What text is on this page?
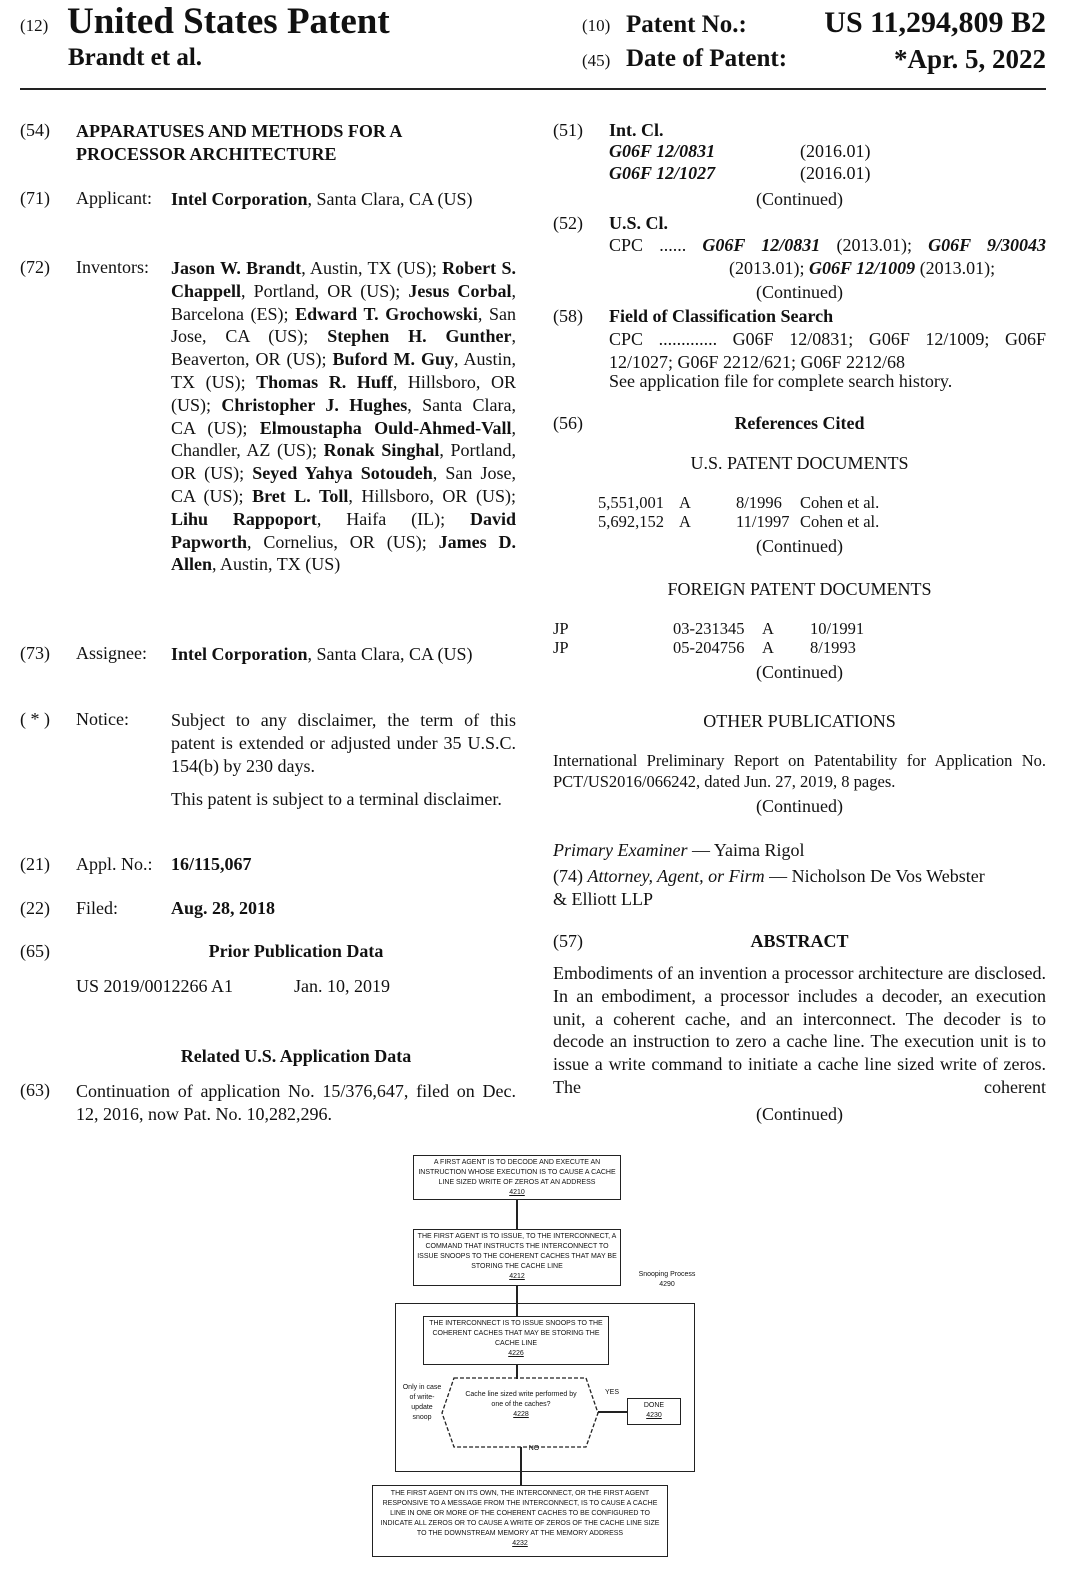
(12) United States Patent
Brandt et al.
(10) Patent No.:	US 11,294,809 B2
(45) Date of Patent:	*Apr. 5, 2022
(54) APPARATUSES AND METHODS FOR A PROCESSOR ARCHITECTURE
(71) Applicant: Intel Corporation, Santa Clara, CA (US)
(72) Inventors: Jason W. Brandt, Austin, TX (US); Robert S. Chappell, Portland, OR (US); Jesus Corbal, Barcelona (ES); Edward T. Grochowski, San Jose, CA (US); Stephen H. Gunther, Beaverton, OR (US); Buford M. Guy, Austin, TX (US); Thomas R. Huff, Hillsboro, OR (US); Christopher J. Hughes, Santa Clara, CA (US); Elmoustapha Ould-Ahmed-Vall, Chandler, AZ (US); Ronak Singhal, Portland, OR (US); Seyed Yahya Sotoudeh, San Jose, CA (US); Bret L. Toll, Hillsboro, OR (US); Lihu Rappoport, Haifa (IL); David Papworth, Cornelius, OR (US); James D. Allen, Austin, TX (US)
(73) Assignee: Intel Corporation, Santa Clara, CA (US)
( * ) Notice: Subject to any disclaimer, the term of this patent is extended or adjusted under 35 U.S.C. 154(b) by 230 days.
This patent is subject to a terminal disclaimer.
(21) Appl. No.: 16/115,067
(22) Filed:	Aug. 28, 2018
(65)	Prior Publication Data
US 2019/0012266 A1	Jan. 10, 2019
Related U.S. Application Data
(63) Continuation of application No. 15/376,647, filed on Dec. 12, 2016, now Pat. No. 10,282,296.
(51) Int. Cl.
G06F 12/0831	(2016.01)
G06F 12/1027	(2016.01)
(Continued)
(52) U.S. Cl.
CPC ...... G06F 12/0831 (2013.01); G06F 9/30043 (2013.01); G06F 12/1009 (2013.01);
(Continued)
(58) Field of Classification Search
CPC ............. G06F 12/0831; G06F 12/1009; G06F 12/1027; G06F 2212/621; G06F 2212/68
See application file for complete search history.
(56)	References Cited
U.S. PATENT DOCUMENTS
5,551,001 A	8/1996 Cohen et al.
5,692,152 A	11/1997 Cohen et al.
(Continued)
FOREIGN PATENT DOCUMENTS
JP	03-231345 A 10/1991
JP	05-204756 A 8/1993
(Continued)
OTHER PUBLICATIONS
International Preliminary Report on Patentability for Application No. PCT/US2016/066242, dated Jun. 27, 2019, 8 pages.
(Continued)
Primary Examiner — Yaima Rigol
(74) Attorney, Agent, or Firm — Nicholson De Vos Webster & Elliott LLP
(57)	ABSTRACT
Embodiments of an invention a processor architecture are disclosed. In an embodiment, a processor includes a decoder, an execution unit, a coherent cache, and an interconnect. The decoder is to decode an instruction to zero a cache line. The execution unit is to issue a write command to initiate a cache line sized write of zeros. The coherent
(Continued)
A FIRST AGENT IS TO DECODE AND EXECUTE AN INSTRUCTION WHOSE EXECUTION IS TO CAUSE A CACHE LINE SIZED WRITE OF ZEROS AT AN ADDRESS
4210
THE FIRST AGENT IS TO ISSUE, TO THE INTERCONNECT, A COMMAND THAT INSTRUCTS THE INTERCONNECT TO ISSUE SNOOPS TO THE COHERENT CACHES THAT MAY BE STORING THE CACHE LINE
4212	Snooping Process 4290
THE INTERCONNECT IS TO ISSUE SNOOPS TO THE COHERENT CACHES THAT MAY BE STORING THE CACHE LINE
4226
Cache line sized write performed by one of the caches?
4228
Only in case of write-update snoop
YES
DONE
4230
NO
THE FIRST AGENT ON ITS OWN, THE INTERCONNECT, OR THE FIRST AGENT RESPONSIVE TO A MESSAGE FROM THE INTERCONNECT, IS TO CAUSE A CACHE LINE IN ONE OR MORE OF THE COHERENT CACHES TO BE CONFIGURED TO INDICATE ALL ZEROS OR TO CAUSE A WRITE OF ZEROS OF THE CACHE LINE SIZE TO THE DOWNSTREAM MEMORY AT THE MEMORY ADDRESS
4232
